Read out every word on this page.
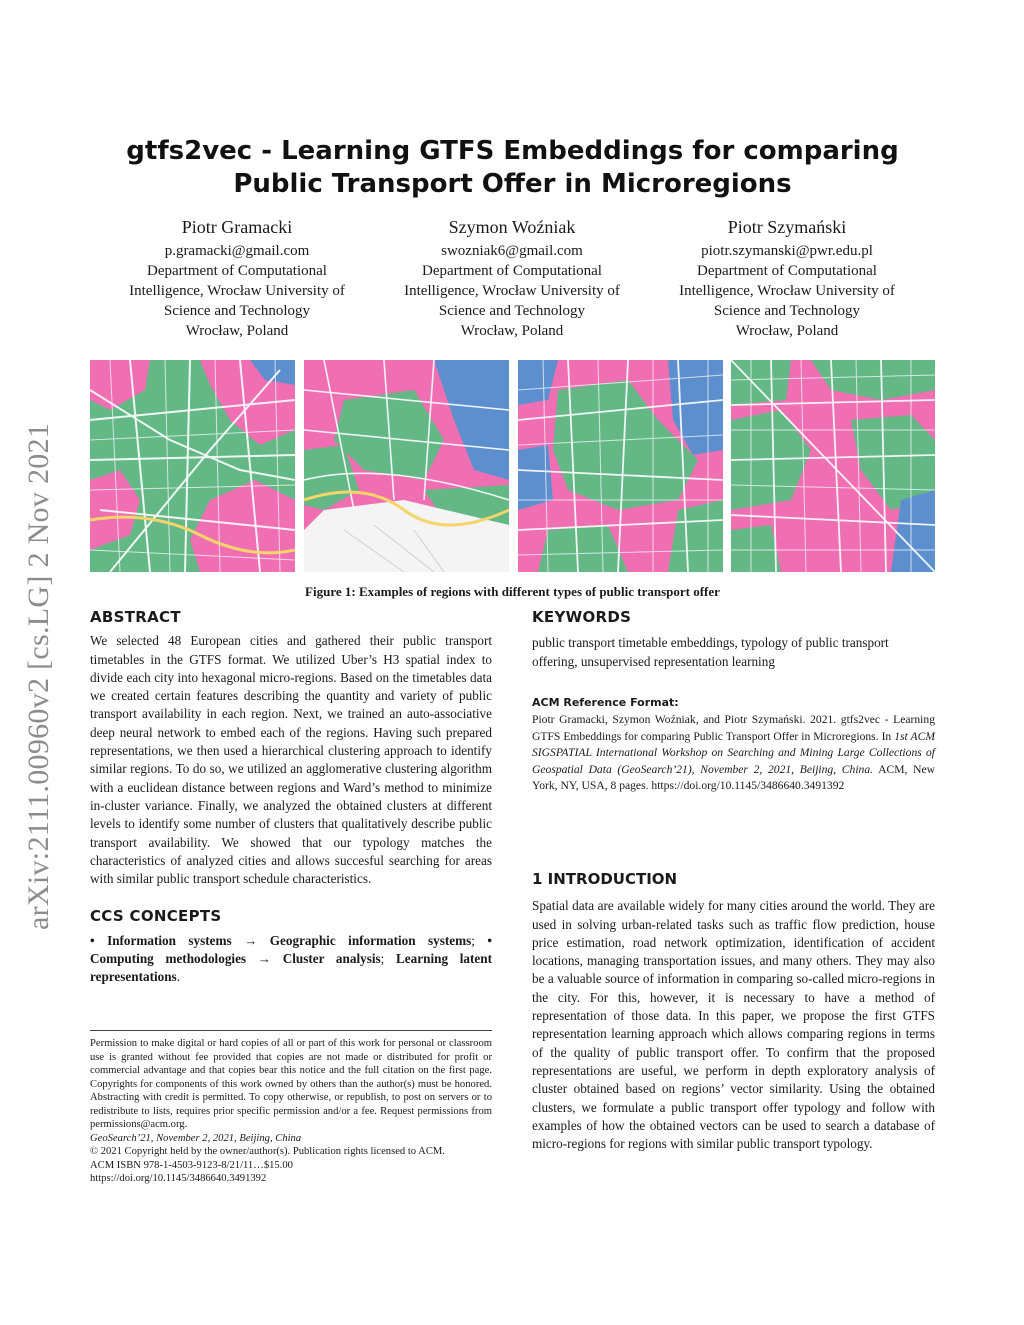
gtfs2vec - Learning GTFS Embeddings for comparing Public Transport Offer in Microregions
Piotr Gramacki
p.gramacki@gmail.com
Department of Computational
Intelligence, Wrocław University of
Science and Technology
Wrocław, Poland
Szymon Woźniak
swozniak6@gmail.com
Department of Computational
Intelligence, Wrocław University of
Science and Technology
Wrocław, Poland
Piotr Szymański
piotr.szymanski@pwr.edu.pl
Department of Computational
Intelligence, Wrocław University of
Science and Technology
Wrocław, Poland
arXiv:2111.00960v2 [cs.LG] 2 Nov 2021	Figure 1: Examples of regions with different types of public transport offer
ABSTRACT

We selected 48 European cities and gathered their public transport timetables in the GTFS format. We utilized Uber’s H3 spatial index to divide each city into hexagonal micro-regions. Based on the timetables data we created certain features describing the quantity and variety of public transport availability in each region. Next, we trained an auto-associative deep neural network to embed each of the regions. Having such prepared representations, we then used a hierarchical clustering approach to identify similar regions. To do so, we utilized an agglomerative clustering algorithm with a euclidean distance between regions and Ward’s method to minimize in-cluster variance. Finally, we analyzed the obtained clusters at different levels to identify some number of clusters that qualitatively describe public transport availability. We showed that our typology matches the characteristics of analyzed cities and allows succesful searching for areas with similar public transport schedule characteristics.

CCS CONCEPTS

• Information systems → Geographic information systems; • Computing methodologies → Cluster analysis; Learning latent representations.

Permission to make digital or hard copies of all or part of this work for personal or classroom use is granted without fee provided that copies are not made or distributed for profit or commercial advantage and that copies bear this notice and the full citation on the first page. Copyrights for components of this work owned by others than the author(s) must be honored. Abstracting with credit is permitted. To copy otherwise, or republish, to post on servers or to redistribute to lists, requires prior specific permission and/or a fee. Request permissions from permissions@acm.org.

GeoSearch’21, November 2, 2021, Beijing, China

© 2021 Copyright held by the owner/author(s). Publication rights licensed to ACM.

ACM ISBN 978-1-4503-9123-8/21/11…$15.00

https://doi.org/10.1145/3486640.3491392

KEYWORDS

public transport timetable embeddings, typology of public transport offering, unsupervised representation learning

ACM Reference Format:
Piotr Gramacki, Szymon Woźniak, and Piotr Szymański. 2021. gtfs2vec - Learning GTFS Embeddings for comparing Public Transport Offer in Microregions. In 1st ACM SIGSPATIAL International Workshop on Searching and Mining Large Collections of Geospatial Data (GeoSearch’21), November 2, 2021, Beijing, China. ACM, New York, NY, USA, 8 pages. https://doi.org/10.1145/3486640.3491392
1 INTRODUCTION

Spatial data are available widely for many cities around the world. They are used in solving urban-related tasks such as traffic flow prediction, house price estimation, road network optimization, identification of accident locations, managing transportation issues, and many others. They may also be a valuable source of information in comparing so-called micro-regions in the city. For this, however, it is necessary to have a method of representation of those data. In this paper, we propose the first GTFS representation learning approach which allows comparing regions in terms of the quality of public transport offer. To confirm that the proposed representations are useful, we perform in depth exploratory analysis of cluster obtained based on regions’ vector similarity. Using the obtained clusters, we formulate a public transport offer typology and follow with examples of how the obtained vectors can be used to search a database of micro-regions for regions with similar public transport typology.
